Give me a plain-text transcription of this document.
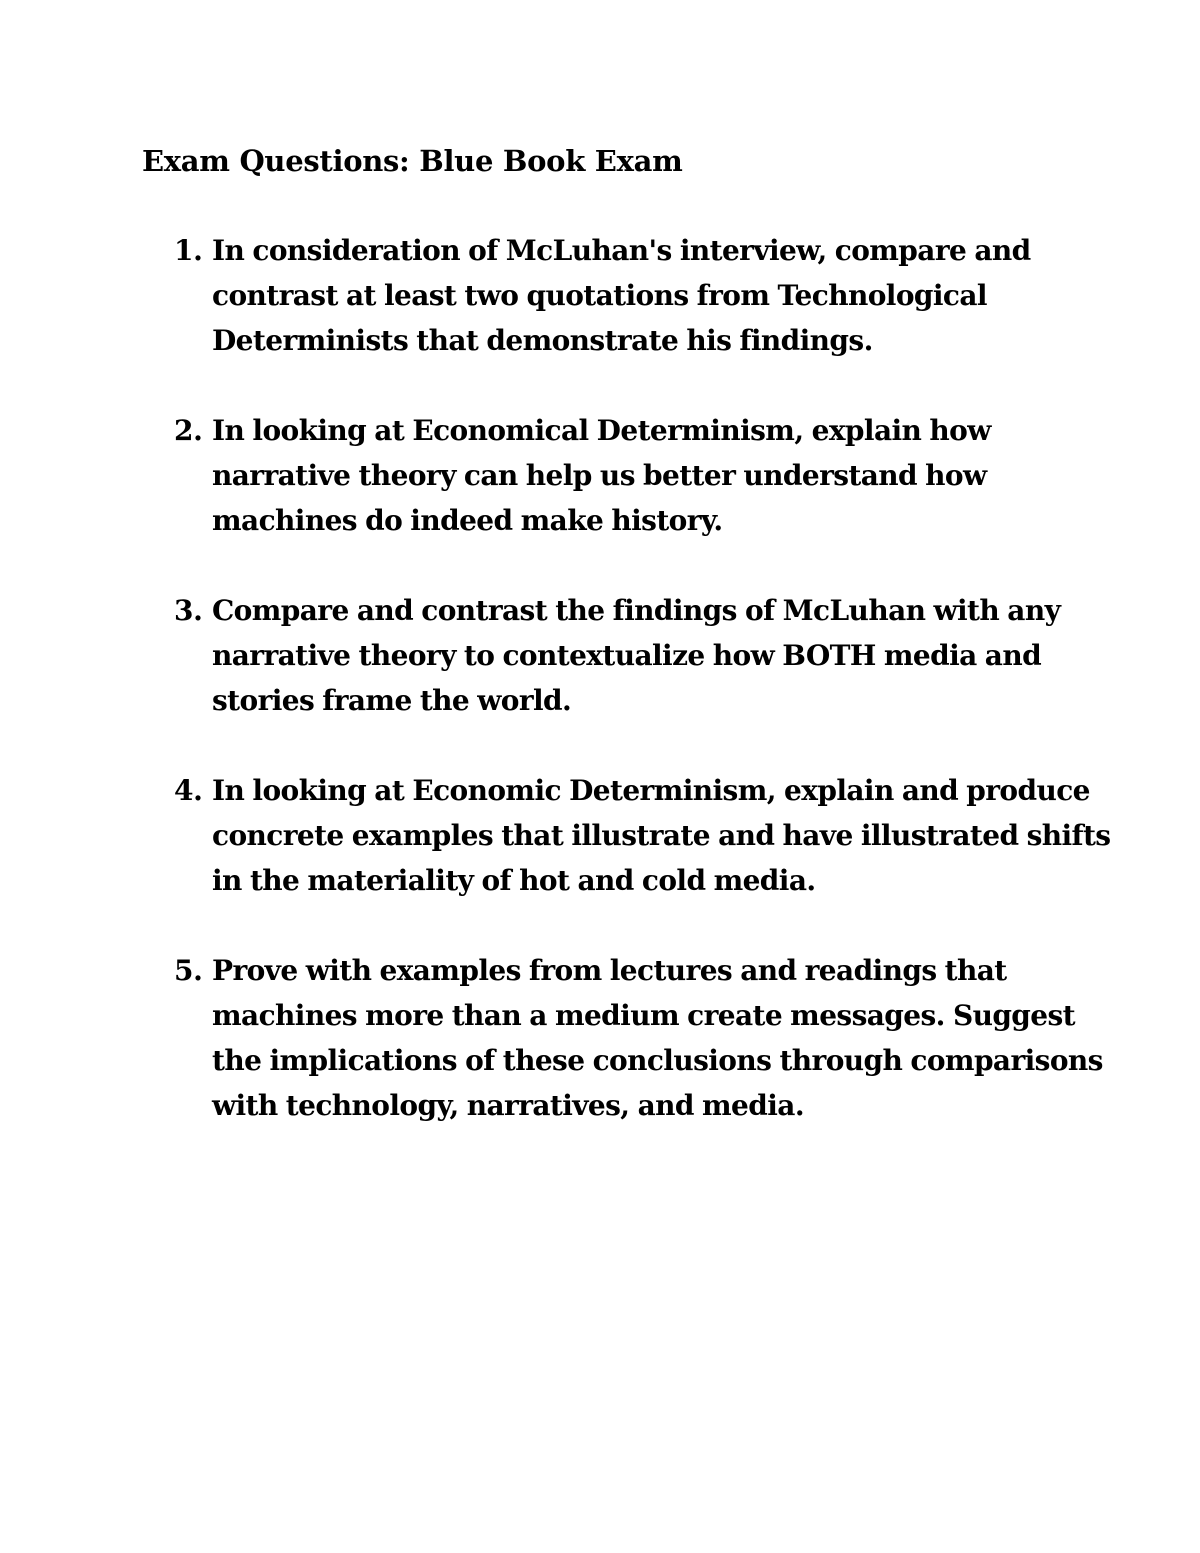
Exam Questions: Blue Book Exam
1. In consideration of McLuhan's interview, compare and
contrast at least two quotations from Technological
Determinists that demonstrate his findings.
2. In looking at Economical Determinism, explain how
narrative theory can help us better understand how
machines do indeed make history.
3. Compare and contrast the findings of McLuhan with any
narrative theory to contextualize how BOTH media and
stories frame the world.
4. In looking at Economic Determinism, explain and produce
concrete examples that illustrate and have illustrated shifts
in the materiality of hot and cold media.
5. Prove with examples from lectures and readings that
machines more than a medium create messages. Suggest
the implications of these conclusions through comparisons
with technology, narratives, and media.
